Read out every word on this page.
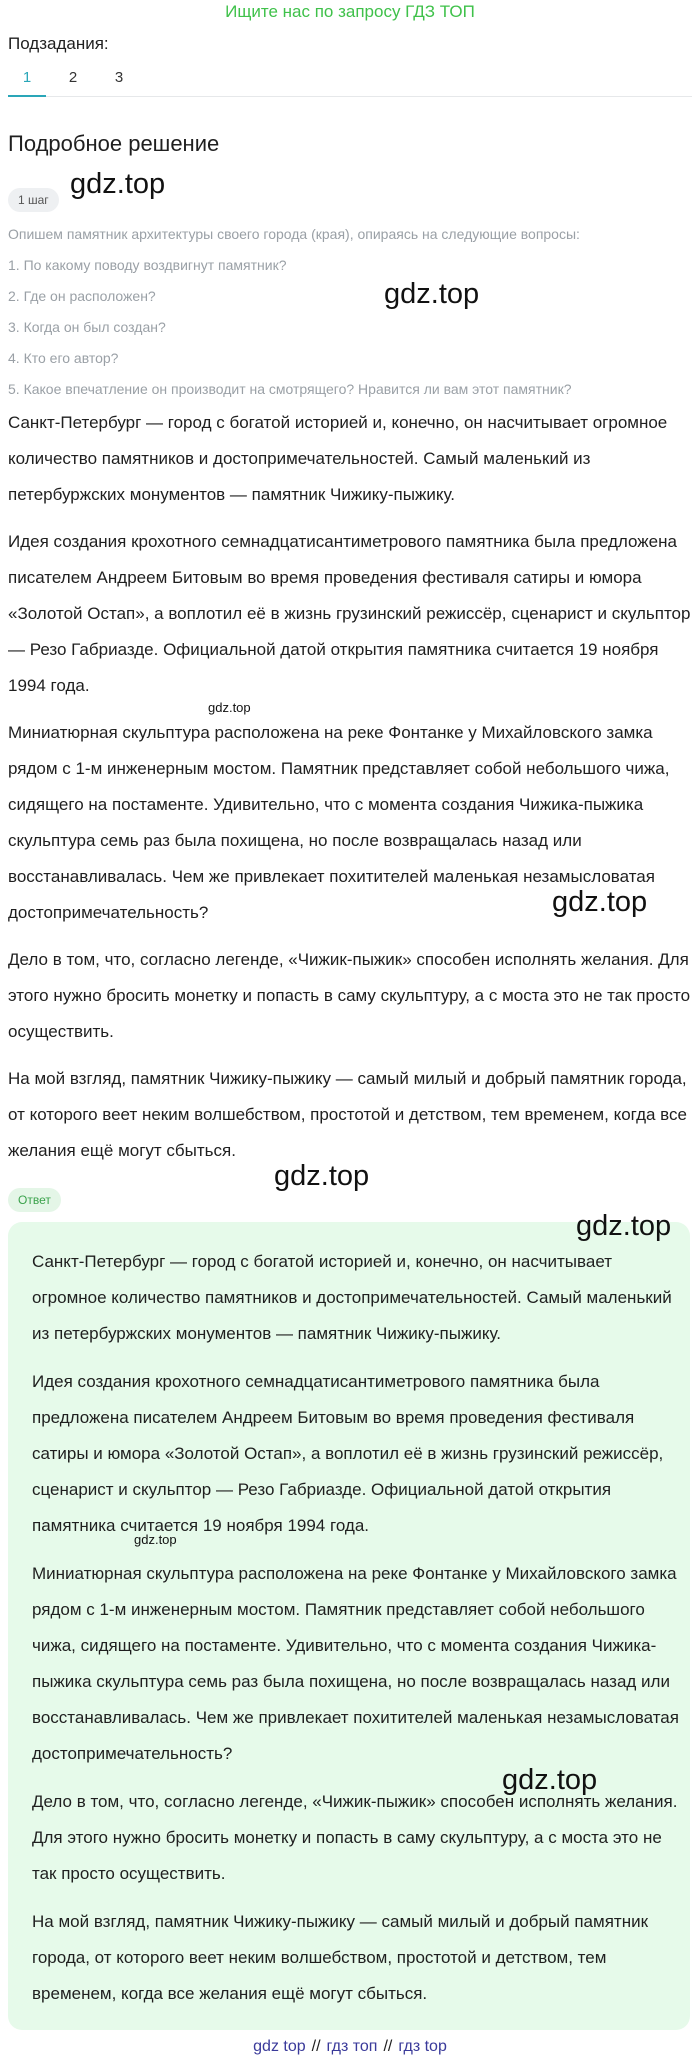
Ищите нас по запросу ГДЗ ТОП
Подзадания:
1	2	3
Подробное решение
1 шаг
Опишем памятник архитектуры своего города (края), опираясь на следующие вопросы:
1. По какому поводу воздвигнут памятник?
2. Где он расположен?
3. Когда он был создан?
4. Кто его автор?
5. Какое впечатление он производит на смотрящего? Нравится ли вам этот памятник?

Санкт-Петербург — город с богатой историей и, конечно, он насчитывает огромное количество памятников и достопримечательностей. Самый маленький из петербуржских монументов — памятник Чижику-пыжику.

Идея создания крохотного семнадцатисантиметрового памятника была предложена писателем Андреем Битовым во время проведения фестиваля сатиры и юмора «Золотой Остап», а воплотил её в жизнь грузинский режиссёр, сценарист и скульптор — Резо Габриазде. Официальной датой открытия памятника считается 19 ноября 1994 года.

Миниатюрная скульптура расположена на реке Фонтанке у Михайловского замка рядом с 1-м инженерным мостом. Памятник представляет собой небольшого чижа, сидящего на постаменте. Удивительно, что с момента создания Чижика-пыжика скульптура семь раз была похищена, но после возвращалась назад или восстанавливалась. Чем же привлекает похитителей маленькая незамысловатая достопримечательность?

Дело в том, что, согласно легенде, «Чижик-пыжик» способен исполнять желания. Для этого нужно бросить монетку и попасть в саму скульптуру, а с моста это не так просто осуществить.

На мой взгляд, памятник Чижику-пыжику — самый милый и добрый памятник города, от которого веет неким волшебством, простотой и детством, тем временем, когда все желания ещё могут сбыться.

Ответ

Санкт-Петербург — город с богатой историей и, конечно, он насчитывает огромное количество памятников и достопримечательностей. Самый маленький из петербуржских монументов — памятник Чижику-пыжику.

Идея создания крохотного семнадцатисантиметрового памятника была предложена писателем Андреем Битовым во время проведения фестиваля сатиры и юмора «Золотой Остап», а воплотил её в жизнь грузинский режиссёр, сценарист и скульптор — Резо Габриазде. Официальной датой открытия памятника считается 19 ноября 1994 года.

Миниатюрная скульптура расположена на реке Фонтанке у Михайловского замка рядом с 1-м инженерным мостом. Памятник представляет собой небольшого чижа, сидящего на постаменте. Удивительно, что с момента создания Чижика-пыжика скульптура семь раз была похищена, но после возвращалась назад или восстанавливалась. Чем же привлекает похитителей маленькая незамысловатая достопримечательность?

Дело в том, что, согласно легенде, «Чижик-пыжик» способен исполнять желания. Для этого нужно бросить монетку и попасть в саму скульптуру, а с моста это не так просто осуществить.

На мой взгляд, памятник Чижику-пыжику — самый милый и добрый памятник города, от которого веет неким волшебством, простотой и детством, тем временем, когда все желания ещё могут сбыться.

gdz.top
gdz.top
gdz.top
gdz.top
gdz.top
gdz.top
gdz.top
gdz.top
gdz top // гдз топ // гдз top
